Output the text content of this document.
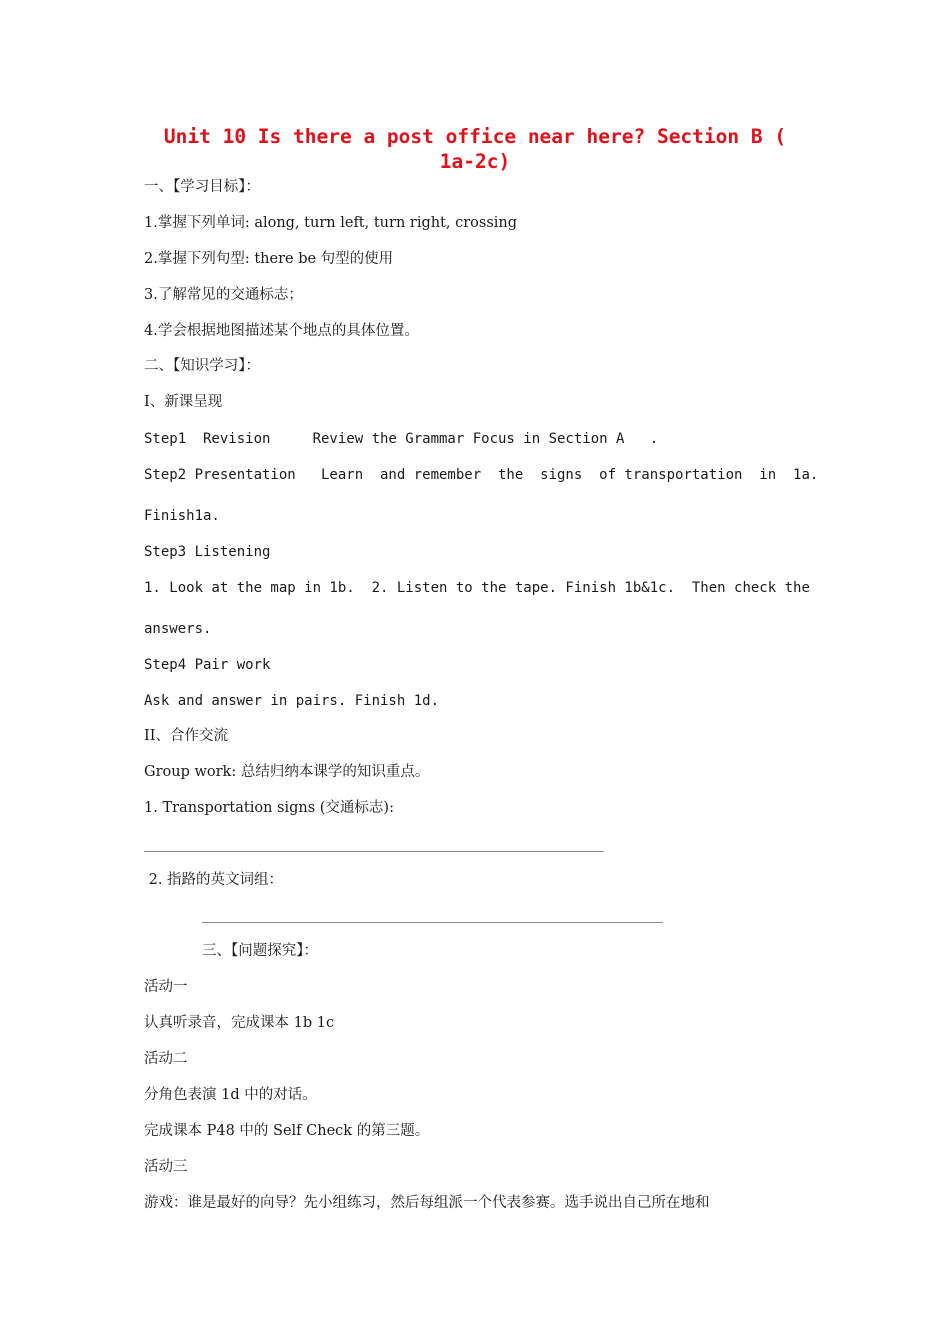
Unit 10 Is there a post office near here? Section B ( 1a-2c)
一、【学习目标】：
1.掌握下列单词: along, turn left, turn right, crossing
2.掌握下列句型: there be 句型的使用
3.了解常见的交通标志；
4.学会根据地图描述某个地点的具体位置。
二、【知识学习】：
I、新课呈现
Step1  Revision     Review the Grammar Focus in Section A   .
Step2 Presentation   Learn  and remember  the  signs  of transportation  in  1a.
Finish1a.
Step3 Listening
1. Look at the map in 1b.  2. Listen to the tape. Finish 1b&1c.  Then check the
answers.
Step4 Pair work
Ask and answer in pairs. Finish 1d.
II、合作交流
Group work: 总结归纳本课学的知识重点。
1. Transportation signs (交通标志):
2. 指路的英文词组：
三、【问题探究】：
活动一
认真听录音，完成课本 1b 1c
活动二
分角色表演 1d 中的对话。
完成课本 P48 中的 Self Check 的第三题。
活动三
游戏：谁是最好的向导？先小组练习，然后每组派一个代表参赛。选手说出自己所在地和
